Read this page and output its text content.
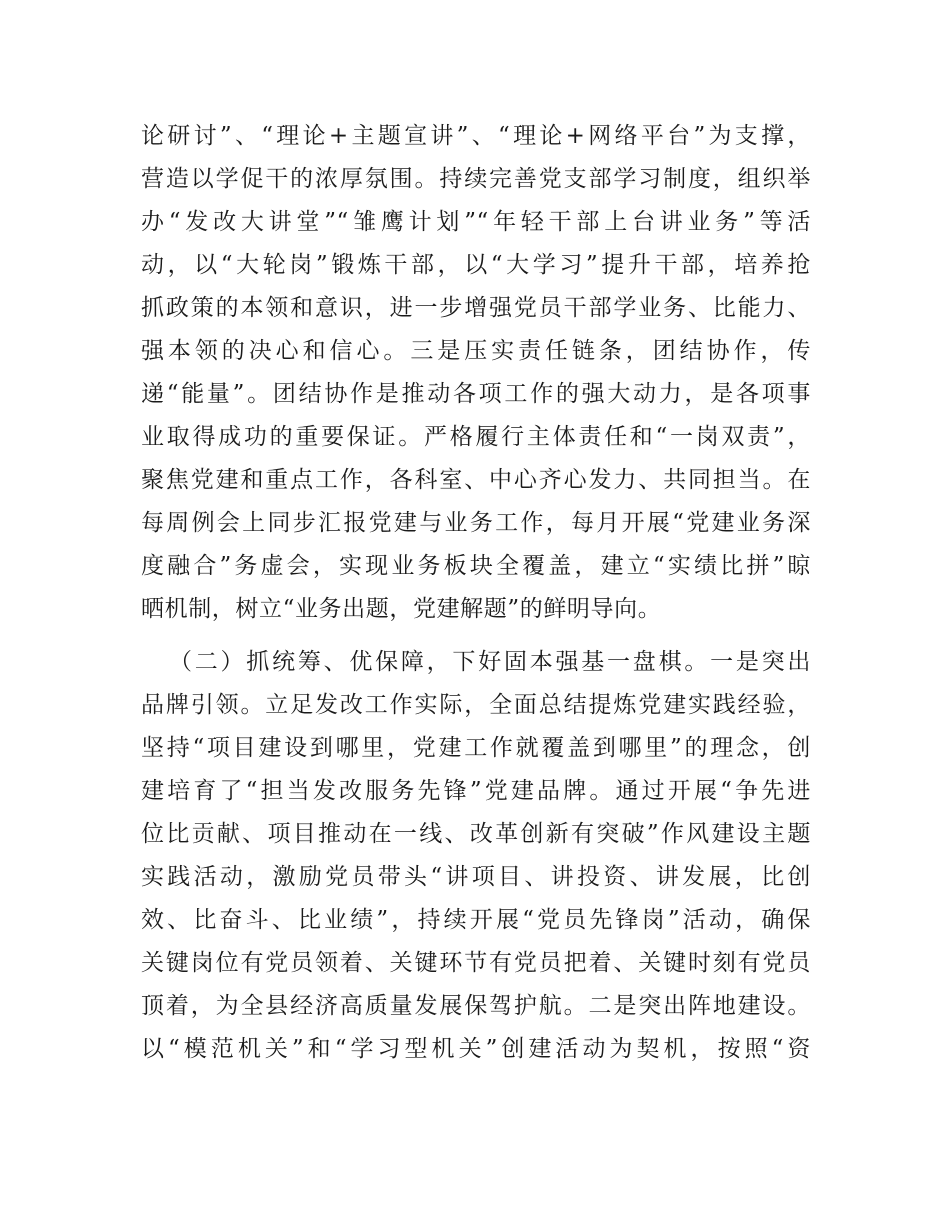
论研讨”、“理论+主题宣讲”、“理论+网络平台”为支撑，
营造以学促干的浓厚氛围。持续完善党支部学习制度，组织举
办“发改大讲堂”“雏鹰计划”“年轻干部上台讲业务”等活
动，以“大轮岗”锻炼干部，以“大学习”提升干部，培养抢
抓政策的本领和意识，进一步增强党员干部学业务、比能力、
强本领的决心和信心。三是压实责任链条，团结协作，传
递“能量”。团结协作是推动各项工作的强大动力，是各项事
业取得成功的重要保证。严格履行主体责任和“一岗双责”，
聚焦党建和重点工作，各科室、中心齐心发力、共同担当。在
每周例会上同步汇报党建与业务工作，每月开展“党建业务深
度融合”务虚会，实现业务板块全覆盖，建立“实绩比拼”晾
晒机制，树立“业务出题，党建解题”的鲜明导向。

（二）抓统筹、优保障，下好固本强基一盘棋。一是突出
品牌引领。立足发改工作实际，全面总结提炼党建实践经验，
坚持“项目建设到哪里，党建工作就覆盖到哪里”的理念，创
建培育了“担当发改服务先锋”党建品牌。通过开展“争先进
位比贡献、项目推动在一线、改革创新有突破”作风建设主题
实践活动，激励党员带头“讲项目、讲投资、讲发展，比创
效、比奋斗、比业绩”，持续开展“党员先锋岗”活动，确保
关键岗位有党员领着、关键环节有党员把着、关键时刻有党员
顶着，为全县经济高质量发展保驾护航。二是突出阵地建设。
以“模范机关”和“学习型机关”创建活动为契机，按照“资
